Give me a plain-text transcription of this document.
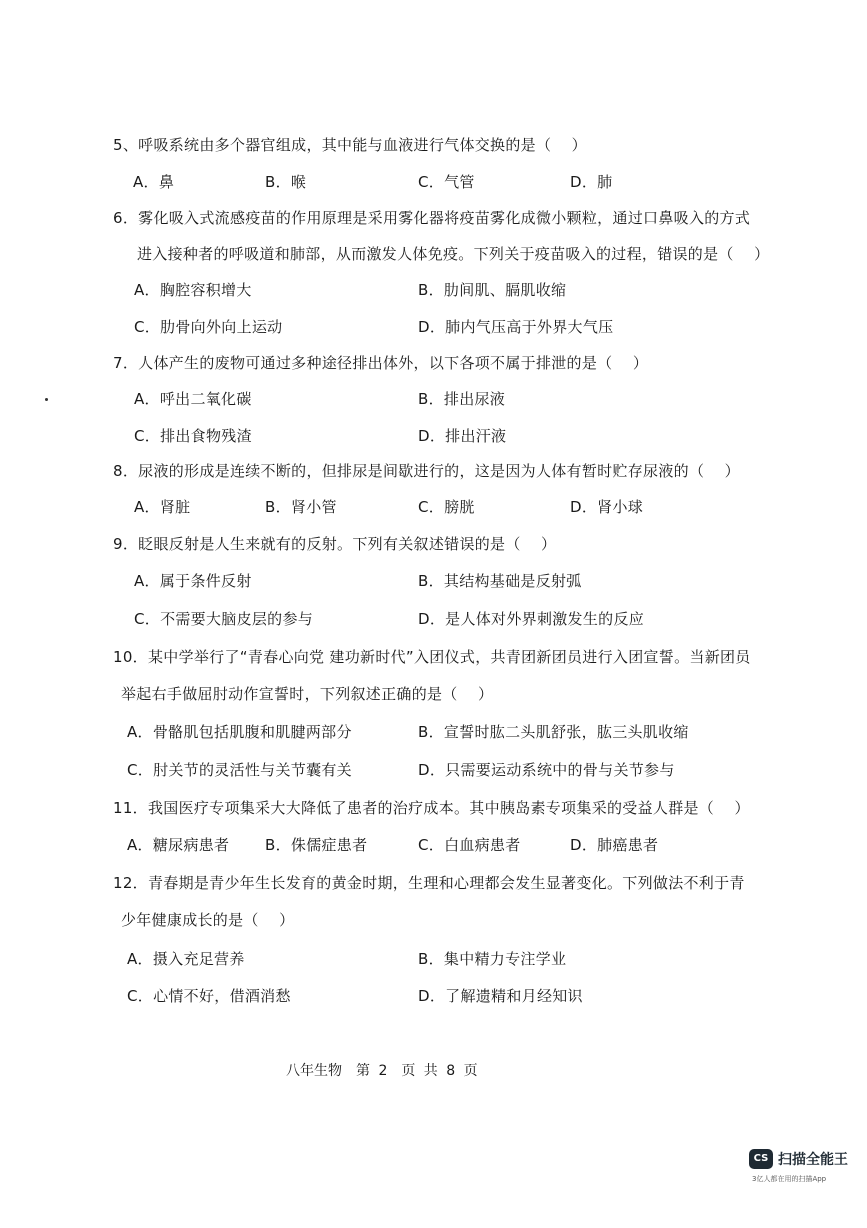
5、呼吸系统由多个器官组成，其中能与血液进行气体交换的是（　 ）
A．鼻	B．喉	C．气管	D．肺
6．雾化吸入式流感疫苗的作用原理是采用雾化器将疫苗雾化成微小颗粒，通过口鼻吸入的方式
进入接种者的呼吸道和肺部，从而激发人体免疫。下列关于疫苗吸入的过程，错误的是（　 ）
A．胸腔容积增大	B．肋间肌、膈肌收缩
C．肋骨向外向上运动	D．肺内气压高于外界大气压
7．人体产生的废物可通过多种途径排出体外，以下各项不属于排泄的是（　 ）
A．呼出二氧化碳	B．排出尿液
C．排出食物残渣	D．排出汗液
8．尿液的形成是连续不断的，但排尿是间歇进行的，这是因为人体有暂时贮存尿液的（　 ）
A．肾脏	B．肾小管	C．膀胱	D．肾小球
9．眨眼反射是人生来就有的反射。下列有关叙述错误的是（　 ）
A．属于条件反射	B．其结构基础是反射弧
C．不需要大脑皮层的参与	D．是人体对外界刺激发生的反应
10．某中学举行了“青春心向党 建功新时代”入团仪式，共青团新团员进行入团宣誓。当新团员
举起右手做屈肘动作宣誓时，下列叙述正确的是（　 ）
A．骨骼肌包括肌腹和肌腱两部分	B．宣誓时肱二头肌舒张，肱三头肌收缩
C．肘关节的灵活性与关节囊有关	D．只需要运动系统中的骨与关节参与
11．我国医疗专项集采大大降低了患者的治疗成本。其中胰岛素专项集采的受益人群是（　 ）
A．糖尿病患者 B．侏儒症患者	C．白血病患者	D．肺癌患者
12．青春期是青少年生长发育的黄金时期，生理和心理都会发生显著变化。下列做法不利于青
少年健康成长的是（　 ）
A．摄入充足营养	B．集中精力专注学业
C．心情不好，借酒消愁	D．了解遗精和月经知识
八年生物　第 2　页 共 8 页
CS 扫描全能王
3亿人都在用的扫描App
